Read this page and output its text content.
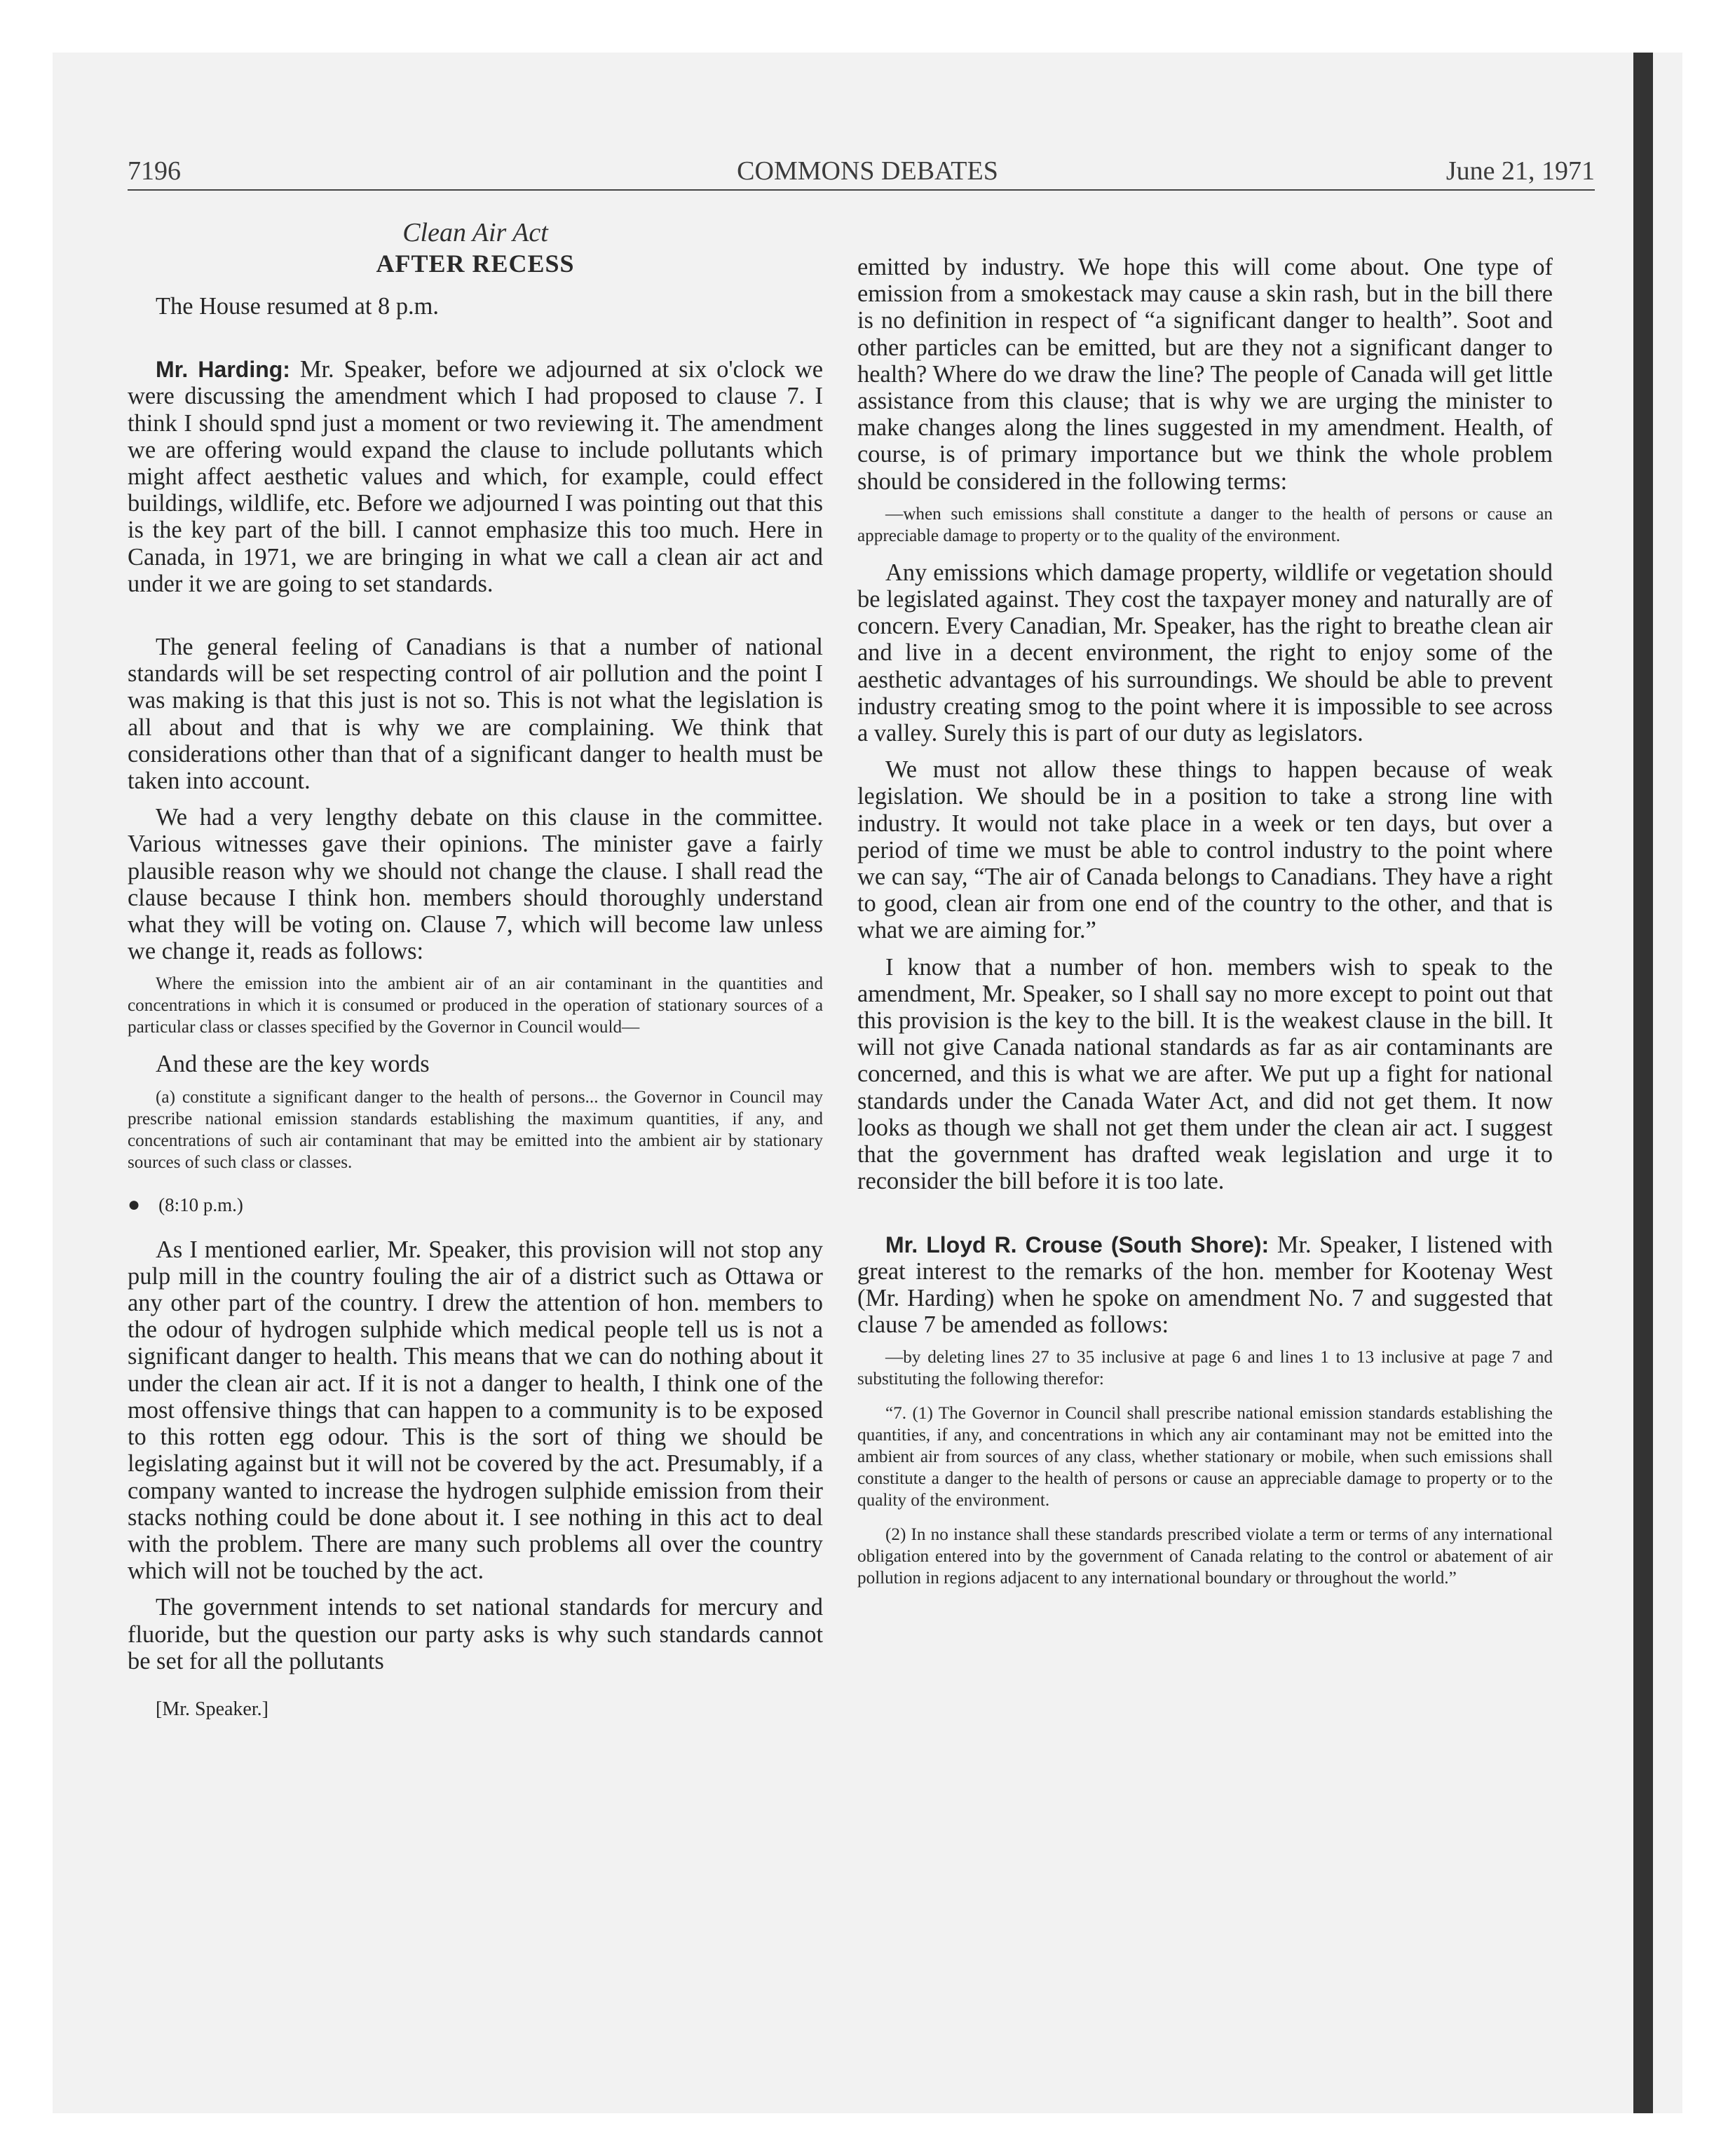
7196	COMMONS DEBATES	June 21, 1971

Clean Air Act

AFTER RECESS

The House resumed at 8 p.m.

Mr. Harding: Mr. Speaker, before we adjourned at six o'clock we were discussing the amendment which I had proposed to clause 7. I think I should spnd just a moment or two reviewing it. The amendment we are offering would expand the clause to include pollutants which might affect aesthetic values and which, for example, could effect buildings, wildlife, etc. Before we adjourned I was pointing out that this is the key part of the bill. I cannot emphasize this too much. Here in Canada, in 1971, we are bringing in what we call a clean air act and under it we are going to set standards.

The general feeling of Canadians is that a number of national standards will be set respecting control of air pollution and the point I was making is that this just is not so. This is not what the legislation is all about and that is why we are complaining. We think that considerations other than that of a significant danger to health must be taken into account.

We had a very lengthy debate on this clause in the committee. Various witnesses gave their opinions. The minister gave a fairly plausible reason why we should not change the clause. I shall read the clause because I think hon. members should thoroughly understand what they will be voting on. Clause 7, which will become law unless we change it, reads as follows:

Where the emission into the ambient air of an air contaminant in the quantities and concentrations in which it is consumed or produced in the operation of stationary sources of a particular class or classes specified by the Governor in Council would—

And these are the key words

(a) constitute a significant danger to the health of persons... the Governor in Council may prescribe national emission standards establishing the maximum quantities, if any, and concentrations of such air contaminant that may be emitted into the ambient air by stationary sources of such class or classes.

● (8:10 p.m.)

As I mentioned earlier, Mr. Speaker, this provision will not stop any pulp mill in the country fouling the air of a district such as Ottawa or any other part of the country. I drew the attention of hon. members to the odour of hydrogen sulphide which medical people tell us is not a significant danger to health. This means that we can do nothing about it under the clean air act. If it is not a danger to health, I think one of the most offensive things that can happen to a community is to be exposed to this rotten egg odour. This is the sort of thing we should be legislating against but it will not be covered by the act. Presumably, if a company wanted to increase the hydrogen sulphide emission from their stacks nothing could be done about it. I see nothing in this act to deal with the problem. There are many such problems all over the country which will not be touched by the act.

The government intends to set national standards for mercury and fluoride, but the question our party asks is why such standards cannot be set for all the pollutants

[Mr. Speaker.]

emitted by industry. We hope this will come about. One type of emission from a smokestack may cause a skin rash, but in the bill there is no definition in respect of “a significant danger to health”. Soot and other particles can be emitted, but are they not a significant danger to health? Where do we draw the line? The people of Canada will get little assistance from this clause; that is why we are urging the minister to make changes along the lines suggested in my amendment. Health, of course, is of primary importance but we think the whole problem should be considered in the following terms:

—when such emissions shall constitute a danger to the health of persons or cause an appreciable damage to property or to the quality of the environment.

Any emissions which damage property, wildlife or vegetation should be legislated against. They cost the taxpayer money and naturally are of concern. Every Canadian, Mr. Speaker, has the right to breathe clean air and live in a decent environment, the right to enjoy some of the aesthetic advantages of his surroundings. We should be able to prevent industry creating smog to the point where it is impossible to see across a valley. Surely this is part of our duty as legislators.

We must not allow these things to happen because of weak legislation. We should be in a position to take a strong line with industry. It would not take place in a week or ten days, but over a period of time we must be able to control industry to the point where we can say, “The air of Canada belongs to Canadians. They have a right to good, clean air from one end of the country to the other, and that is what we are aiming for.”

I know that a number of hon. members wish to speak to the amendment, Mr. Speaker, so I shall say no more except to point out that this provision is the key to the bill. It is the weakest clause in the bill. It will not give Canada national standards as far as air contaminants are concerned, and this is what we are after. We put up a fight for national standards under the Canada Water Act, and did not get them. It now looks as though we shall not get them under the clean air act. I suggest that the government has drafted weak legislation and urge it to reconsider the bill before it is too late.

Mr. Lloyd R. Crouse (South Shore): Mr. Speaker, I listened with great interest to the remarks of the hon. member for Kootenay West (Mr. Harding) when he spoke on amendment No. 7 and suggested that clause 7 be amended as follows:

—by deleting lines 27 to 35 inclusive at page 6 and lines 1 to 13 inclusive at page 7 and substituting the following therefor:

“7. (1) The Governor in Council shall prescribe national emission standards establishing the quantities, if any, and concentrations in which any air contaminant may not be emitted into the ambient air from sources of any class, whether stationary or mobile, when such emissions shall constitute a danger to the health of persons or cause an appreciable damage to property or to the quality of the environment.

(2) In no instance shall these standards prescribed violate a term or terms of any international obligation entered into by the government of Canada relating to the control or abatement of air pollution in regions adjacent to any international boundary or throughout the world.”
